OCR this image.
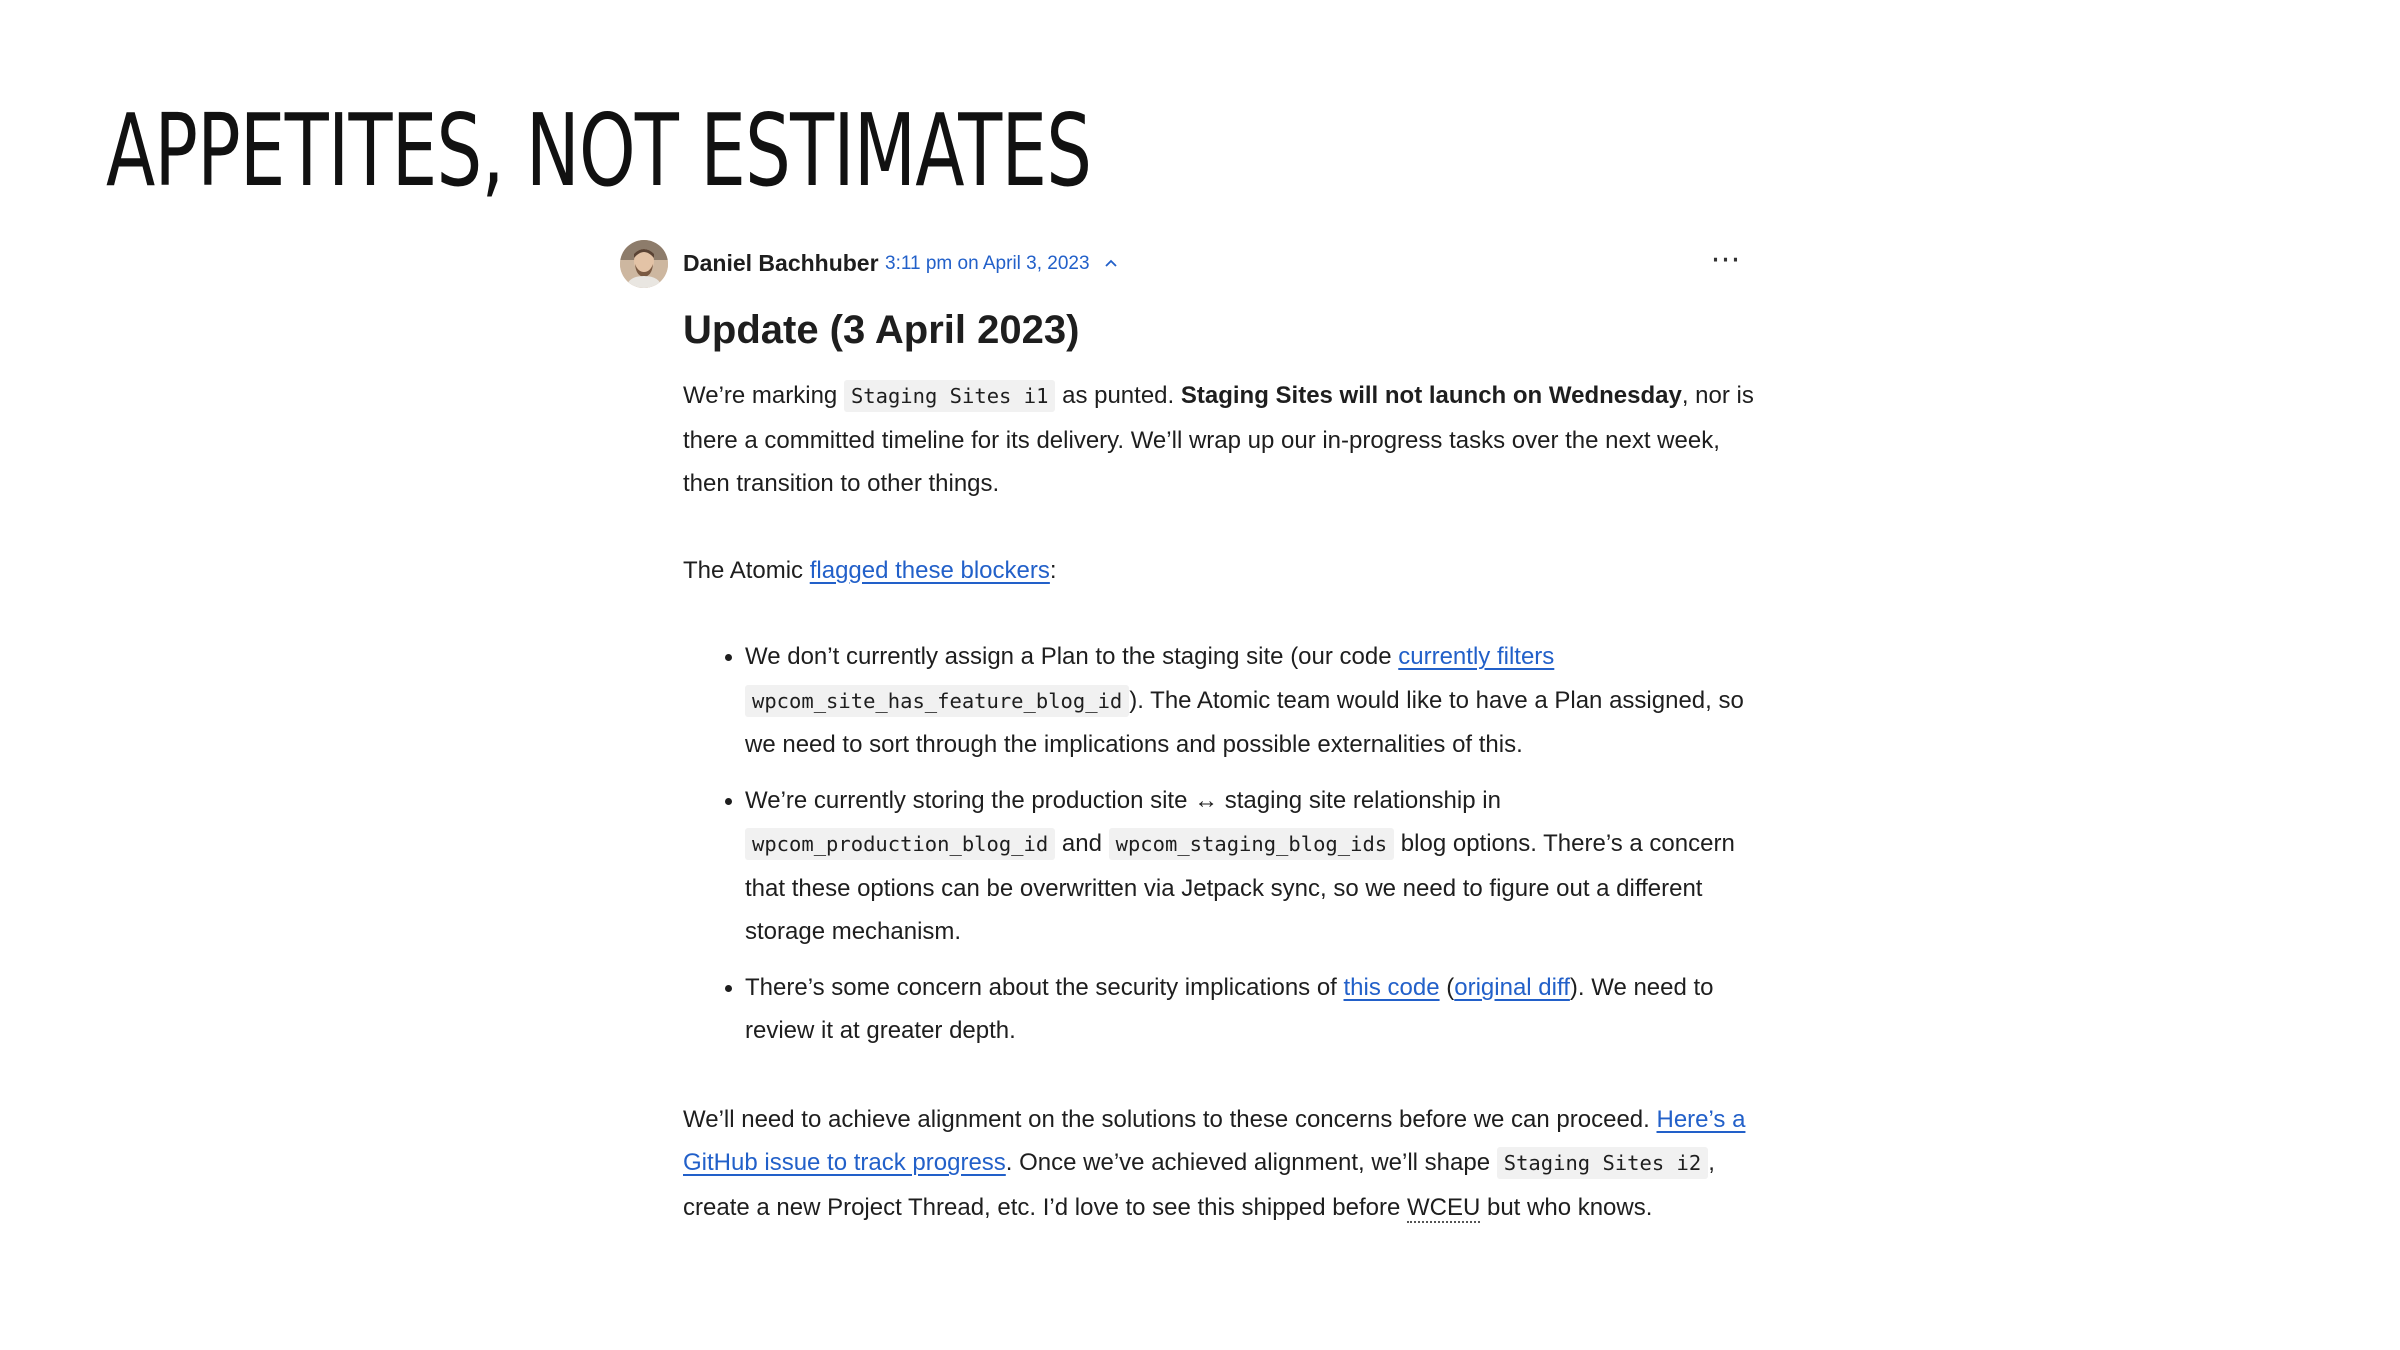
APPETITES, NOT ESTIMATES
Daniel Bachhuber 3:11 pm on April 3, 2023	⋯
Update (3 April 2023)

We’re marking Staging Sites i1 as punted. Staging Sites will not launch on Wednesday, nor is there a committed timeline for its delivery. We’ll wrap up our in-progress tasks over the next week, then transition to other things.

The Atomic flagged these blockers:

• We don’t currently assign a Plan to the staging site (our code currently filters wpcom_site_has_feature_blog_id ). The Atomic team would like to have a Plan assigned, so we need to sort through the implications and possible externalities of this.
• We’re currently storing the production site ↔ staging site relationship in wpcom_production_blog_id and wpcom_staging_blog_ids blog options. There’s a concern that these options can be overwritten via Jetpack sync, so we need to figure out a different storage mechanism.
• There’s some concern about the security implications of this code (original diff). We need to review it at greater depth.

We’ll need to achieve alignment on the solutions to these concerns before we can proceed. Here’s a GitHub issue to track progress. Once we’ve achieved alignment, we’ll shape Staging Sites i2 , create a new Project Thread, etc. I’d love to see this shipped before WCEU but who knows.
